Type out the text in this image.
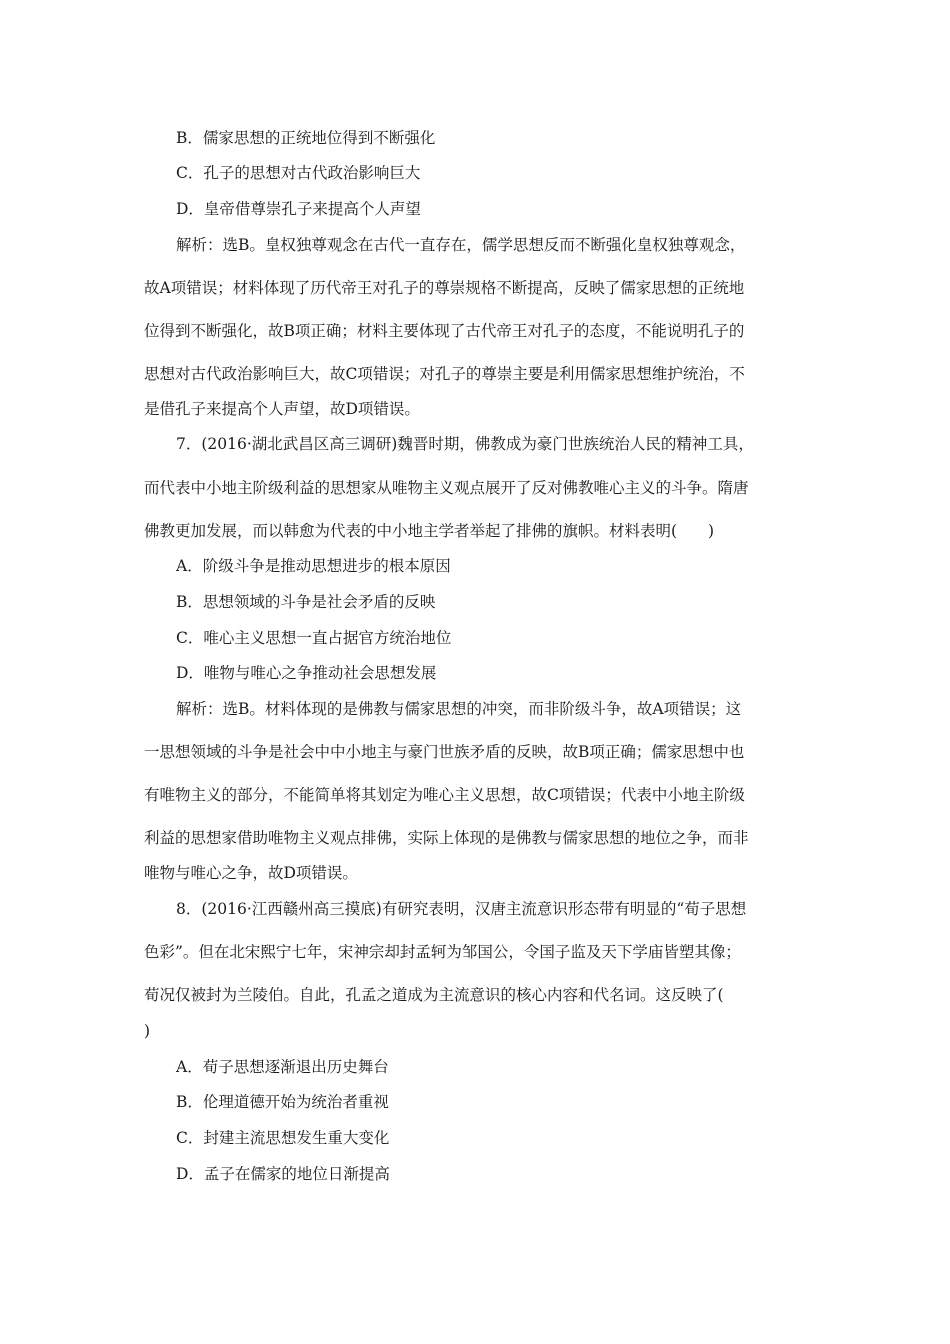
B．儒家思想的正统地位得到不断强化
C．孔子的思想对古代政治影响巨大
D．皇帝借尊崇孔子来提高个人声望
解析：选B。皇权独尊观念在古代一直存在，儒学思想反而不断强化皇权独尊观念，
故A项错误；材料体现了历代帝王对孔子的尊崇规格不断提高，反映了儒家思想的正统地
位得到不断强化，故B项正确；材料主要体现了古代帝王对孔子的态度，不能说明孔子的
思想对古代政治影响巨大，故C项错误；对孔子的尊崇主要是利用儒家思想维护统治，不
是借孔子来提高个人声望，故D项错误。
7．(2016·湖北武昌区高三调研)魏晋时期，佛教成为豪门世族统治人民的精神工具，
而代表中小地主阶级利益的思想家从唯物主义观点展开了反对佛教唯心主义的斗争。隋唐
佛教更加发展，而以韩愈为代表的中小地主学者举起了排佛的旗帜。材料表明(　　)
A．阶级斗争是推动思想进步的根本原因
B．思想领域的斗争是社会矛盾的反映
C．唯心主义思想一直占据官方统治地位
D．唯物与唯心之争推动社会思想发展
解析：选B。材料体现的是佛教与儒家思想的冲突，而非阶级斗争，故A项错误；这
一思想领域的斗争是社会中中小地主与豪门世族矛盾的反映，故B项正确；儒家思想中也
有唯物主义的部分，不能简单将其划定为唯心主义思想，故C项错误；代表中小地主阶级
利益的思想家借助唯物主义观点排佛，实际上体现的是佛教与儒家思想的地位之争，而非
唯物与唯心之争，故D项错误。
8．(2016·江西赣州高三摸底)有研究表明，汉唐主流意识形态带有明显的“荀子思想
色彩”。但在北宋熙宁七年，宋神宗却封孟轲为邹国公，令国子监及天下学庙皆塑其像；
荀况仅被封为兰陵伯。自此，孔孟之道成为主流意识的核心内容和代名词。这反映了(
)
A．荀子思想逐渐退出历史舞台
B．伦理道德开始为统治者重视
C．封建主流思想发生重大变化
D．孟子在儒家的地位日渐提高
